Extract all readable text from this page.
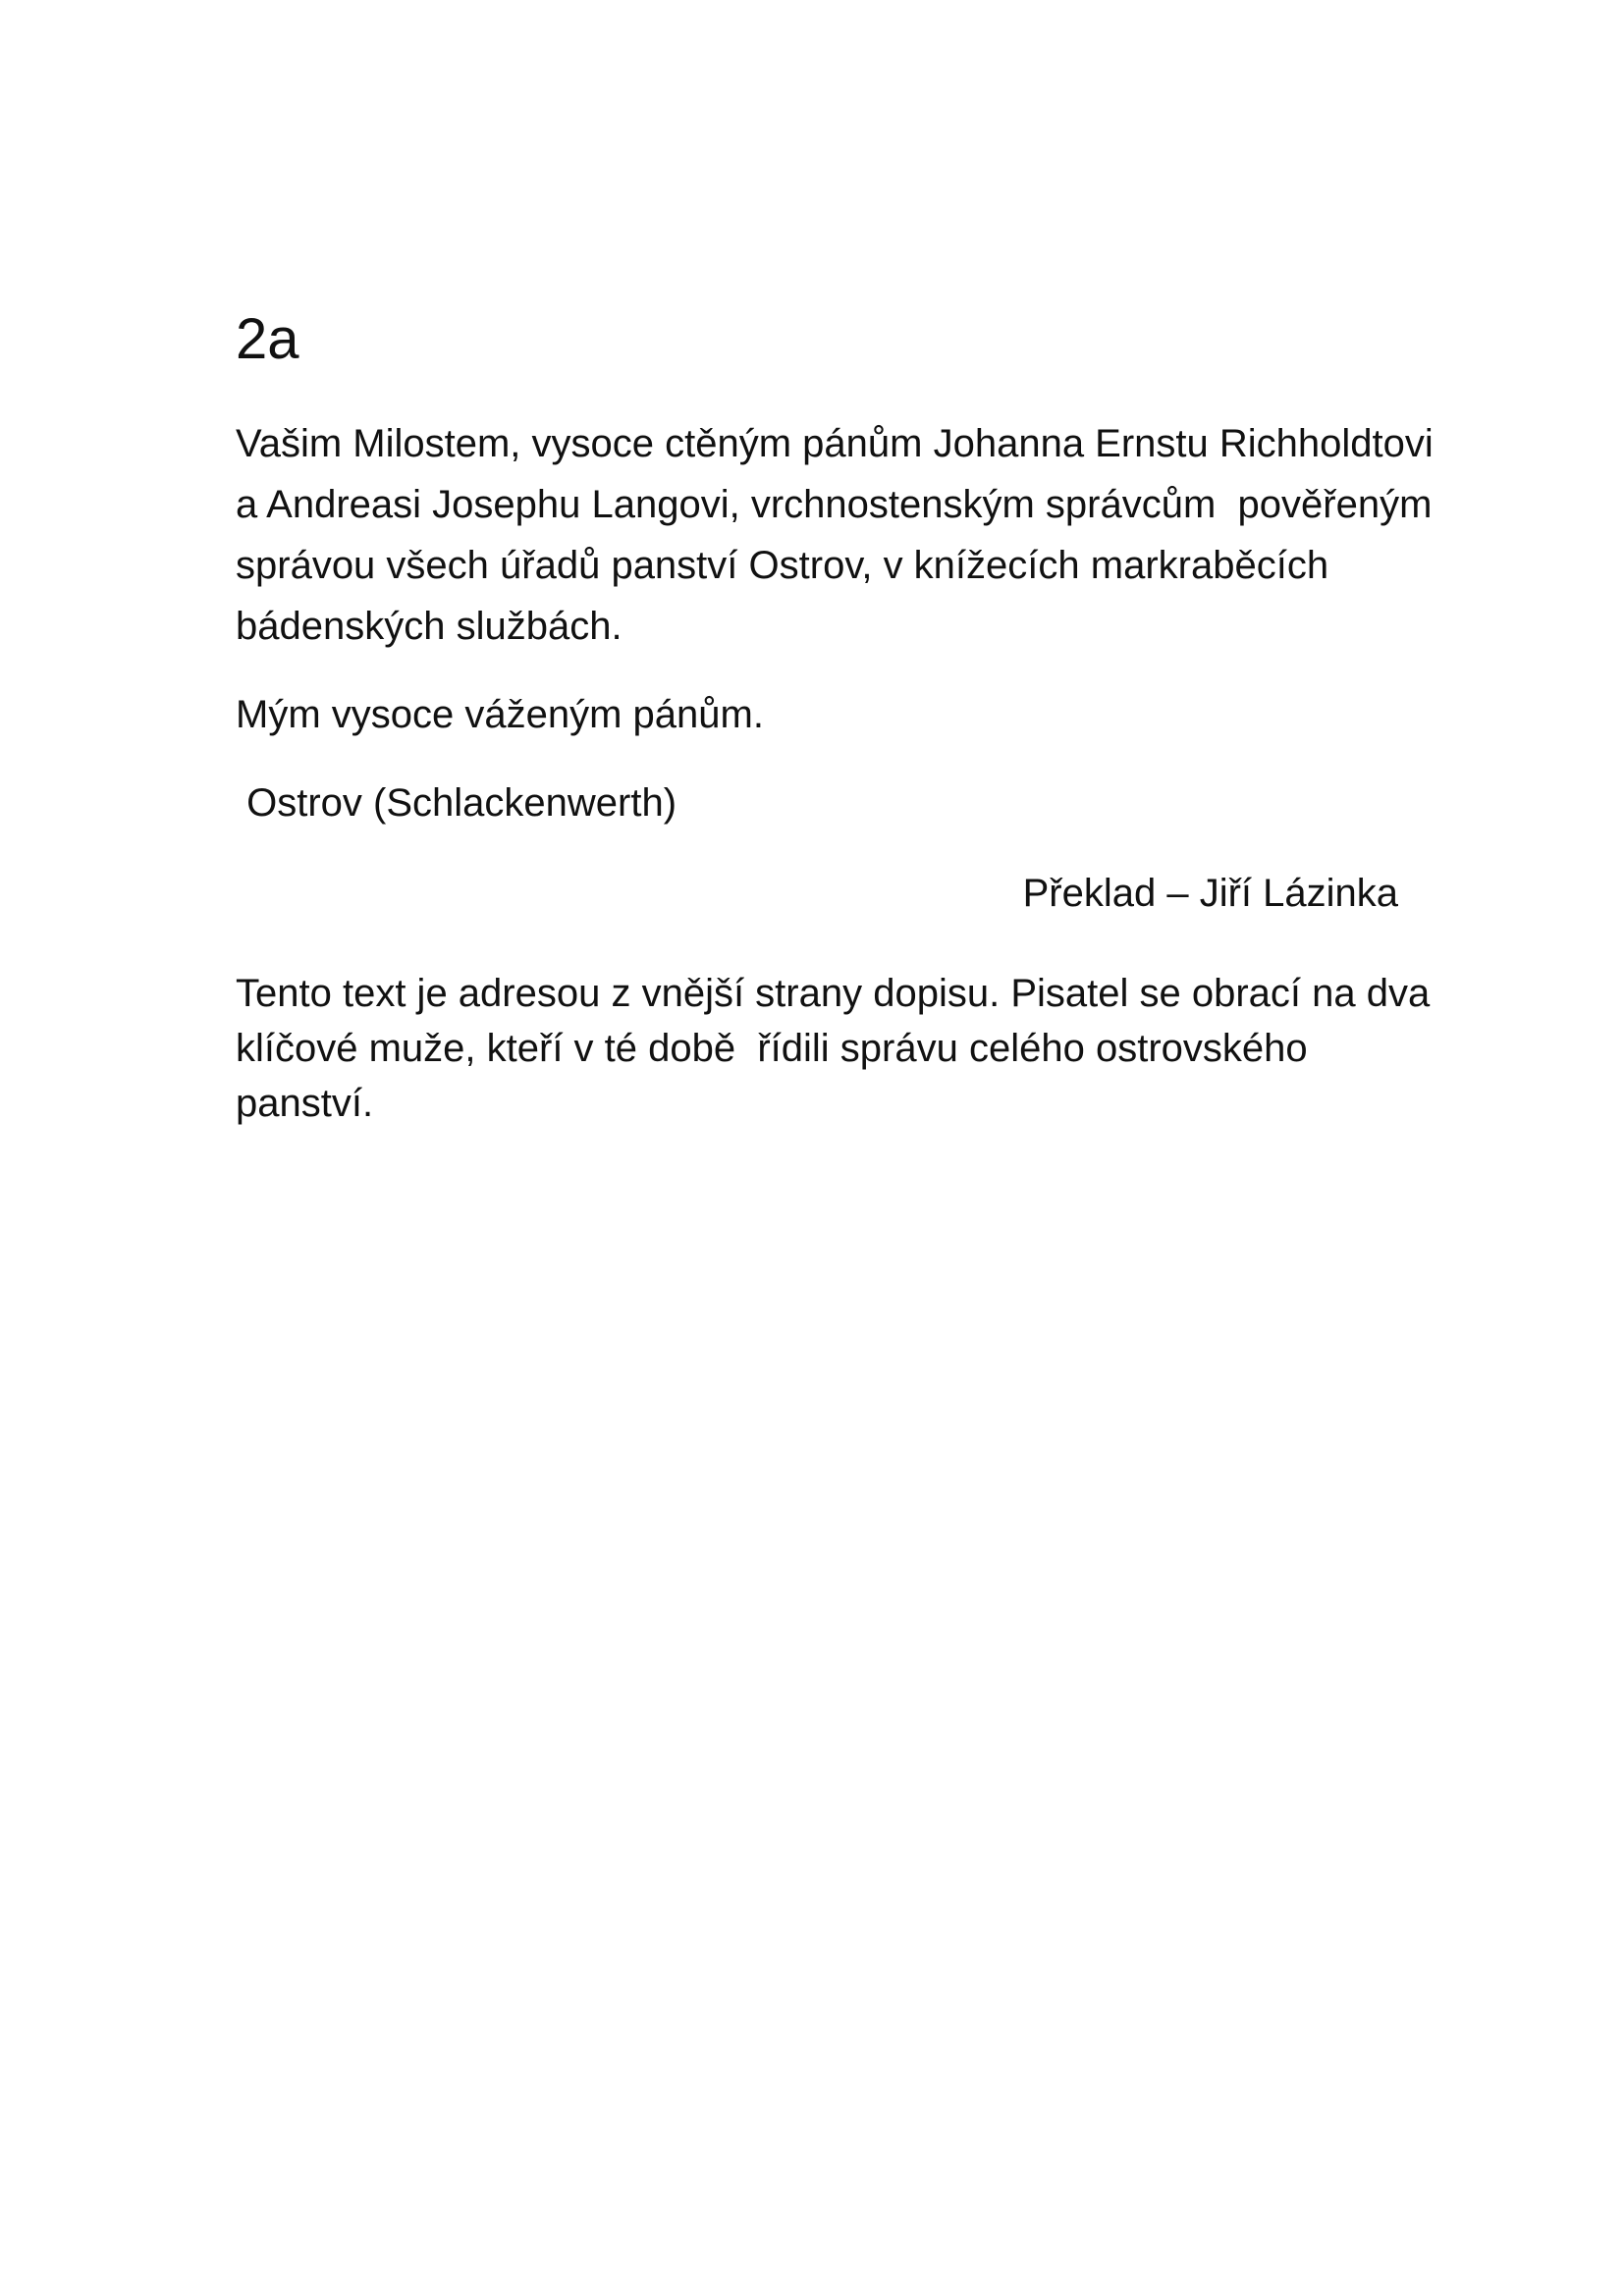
2a
Vašim Milostem, vysoce ctěným pánům Johanna Ernstu Richholdtovi
a Andreasi Josephu Langovi, vrchnostenským správcům  pověřeným
správou všech úřadů panství Ostrov, v knížecích markraběcích
bádenských službách.
Mým vysoce váženým pánům.
Ostrov (Schlackenwerth)
Překlad – Jiří Lázinka
Tento text je adresou z vnější strany dopisu. Pisatel se obrací na dva
klíčové muže, kteří v té době  řídili správu celého ostrovského
panství.
